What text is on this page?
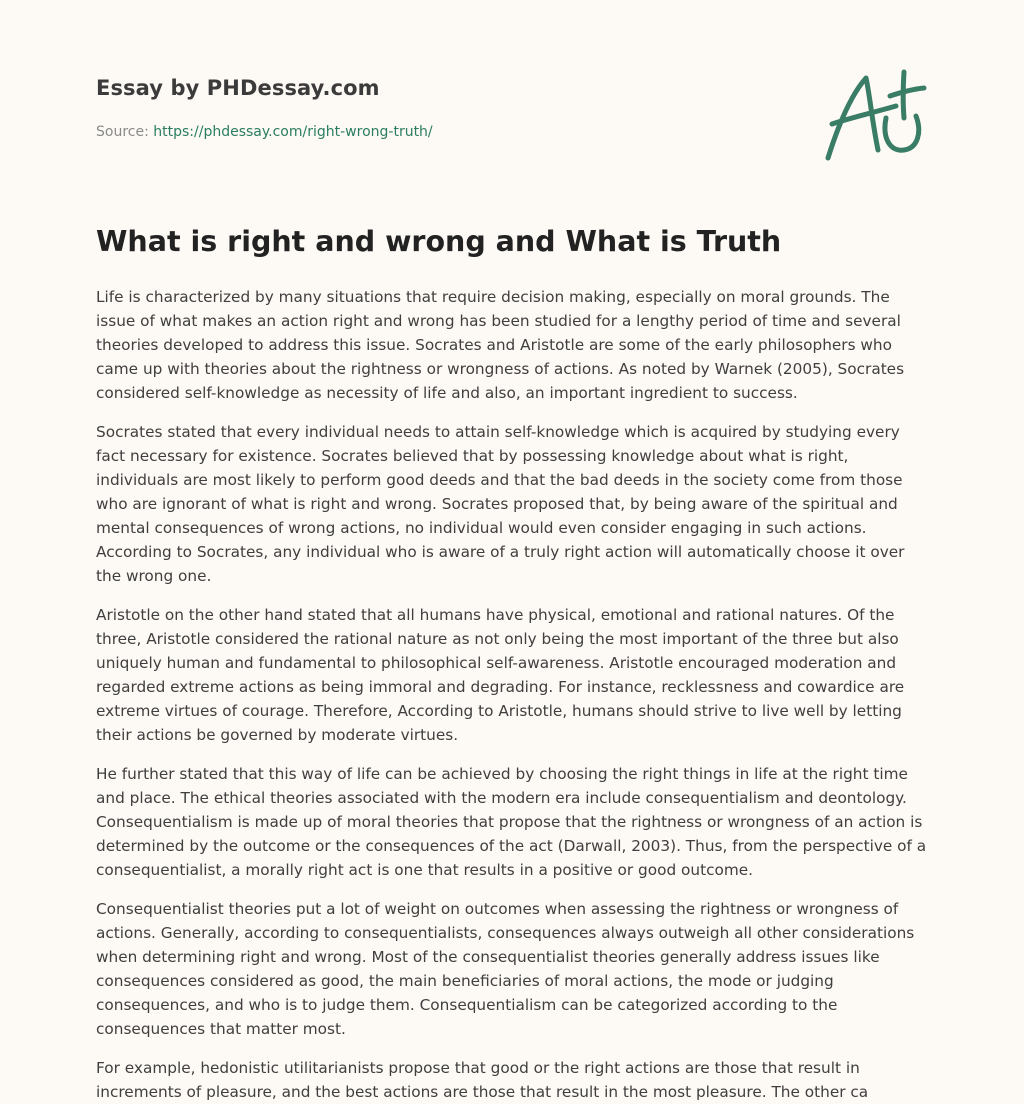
Essay by PHDessay.com
Source: https://phdessay.com/right-wrong-truth/
What is right and wrong and What is Truth

Life is characterized by many situations that require decision making, especially on moral grounds. The issue of what makes an action right and wrong has been studied for a lengthy period of time and several theories developed to address this issue. Socrates and Aristotle are some of the early philosophers who came up with theories about the rightness or wrongness of actions. As noted by Warnek (2005), Socrates considered self-knowledge as necessity of life and also, an important ingredient to success.

Socrates stated that every individual needs to attain self-knowledge which is acquired by studying every fact necessary for existence. Socrates believed that by possessing knowledge about what is right, individuals are most likely to perform good deeds and that the bad deeds in the society come from those who are ignorant of what is right and wrong. Socrates proposed that, by being aware of the spiritual and mental consequences of wrong actions, no individual would even consider engaging in such actions. According to Socrates, any individual who is aware of a truly right action will automatically choose it over the wrong one.

Aristotle on the other hand stated that all humans have physical, emotional and rational natures. Of the three, Aristotle considered the rational nature as not only being the most important of the three but also uniquely human and fundamental to philosophical self-awareness. Aristotle encouraged moderation and regarded extreme actions as being immoral and degrading. For instance, recklessness and cowardice are extreme virtues of courage. Therefore, According to Aristotle, humans should strive to live well by letting their actions be governed by moderate virtues.

He further stated that this way of life can be achieved by choosing the right things in life at the right time and place. The ethical theories associated with the modern era include consequentialism and deontology. Consequentialism is made up of moral theories that propose that the rightness or wrongness of an action is determined by the outcome or the consequences of the act (Darwall, 2003). Thus, from the perspective of a consequentialist, a morally right act is one that results in a positive or good outcome.

Consequentialist theories put a lot of weight on outcomes when assessing the rightness or wrongness of actions. Generally, according to consequentialists, consequences always outweigh all other considerations when determining right and wrong. Most of the consequentialist theories generally address issues like consequences considered as good, the main beneficiaries of moral actions, the mode or judging consequences, and who is to judge them. Consequentialism can be categorized according to the consequences that matter most.

For example, hedonistic utilitarianists propose that good or the right actions are those that result in increments of pleasure, and the best actions are those that result in the most pleasure. The other ca
